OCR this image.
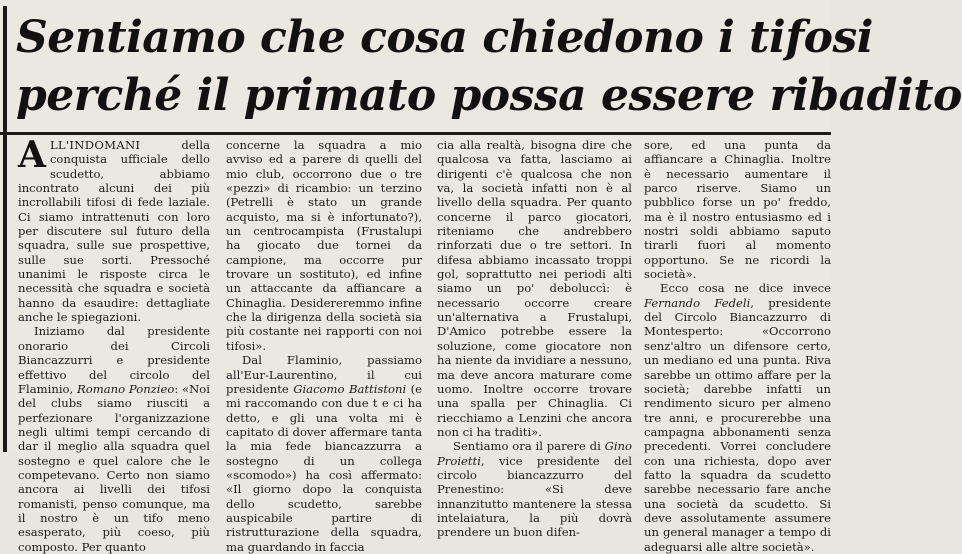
Sentiamo che cosa chiedono i tifosi
perché il primato possa essere ribadito

ALL'INDOMANI della conquista ufficiale dello scudetto, abbiamo incontrato alcuni dei più incrollabili tifosi di fede laziale. Ci siamo intrattenuti con loro per discutere sul futuro della squadra, sulle sue prospettive, sulle sue sorti. Pressoché unanimi le risposte circa le necessità che squadra e società hanno da esaudire: dettagliate anche le spiegazioni.

Iniziamo dal presidente onorario dei Circoli Biancazzurri e presidente effettivo del circolo del Flaminio, Romano Ponzieo: «Noi del clubs siamo riusciti a perfezionare l'organizzazione negli ultimi tempi cercando di dar il meglio alla squadra quel sostegno e quel calore che le competevano. Certo non siamo ancora ai livelli dei tifosi romanisti, penso comunque, ma il nostro è un tifo meno esasperato, più coeso, più composto. Per quanto

concerne la squadra a mio avviso ed a parere di quelli del mio club, occorrono due o tre «pezzi» di ricambio: un terzino (Petrelli è stato un grande acquisto, ma si è infortunato?), un centrocampista (Frustalupi ha giocato due tornei da campione, ma occorre pur trovare un sostituto), ed infine un attaccante da affiancare a Chinaglia. Desidereremmo infine che la dirigenza della società sia più costante nei rapporti con noi tifosi».

Dal Flaminio, passiamo all'Eur-Laurentino, il cui presidente Giacomo Battistoni (e mi raccomando con due t e ci ha detto, e gli una volta mi è capitato di dover affermare tanta la mia fede biancazzurra a sostegno di un collega «scomodo») ha così affermato: «Il giorno dopo la conquista dello scudetto, sarebbe auspicabile partire di ristrutturazione della squadra, ma guardando in faccia

cia alla realtà, bisogna dire che qualcosa va fatta, lasciamo ai dirigenti c'è qualcosa che non va, la società infatti non è al livello della squadra. Per quanto concerne il parco giocatori, riteniamo che andrebbero rinforzati due o tre settori. In difesa abbiamo incassato troppi gol, soprattutto nei periodi alti siamo un po' deboluccì: è necessario occorre creare un'alternativa a Frustalupi, D'Amico potrebbe essere la soluzione, come giocatore non ha niente da invidiare a nessuno, ma deve ancora maturare come uomo. Inoltre occorre trovare una spalla per Chinaglia. Ci riecchiamo a Lenzini che ancora non ci ha traditi».

Sentiamo ora il parere di Gino Proietti, vice presidente del circolo biancazzurro del Prenestino: «Si deve innanzitutto mantenere la stessa intelaiatura, la più dovrà prendere un buon difen-

sore, ed una punta da affiancare a Chinaglia. Inoltre è necessario aumentare il parco riserve. Siamo un pubblico forse un po' freddo, ma è il nostro entusiasmo ed i nostri soldi abbiamo saputo tirarli fuori al momento opportuno. Se ne ricordi la società».

Ecco cosa ne dice invece Fernando Fedeli, presidente del Circolo Biancazzurro di Montesperto: «Occorrono senz'altro un difensore certo, un mediano ed una punta. Riva sarebbe un ottimo affare per la società; darebbe infatti un rendimento sicuro per almeno tre anni, e procurerebbe una campagna abbonamenti senza precedenti. Vorrei concludere con una richiesta, dopo aver fatto la squadra da scudetto sarebbe necessario fare anche una società da scudetto. Si deve assolutamente assumere un general manager a tempo di adeguarsi alle altre società».
